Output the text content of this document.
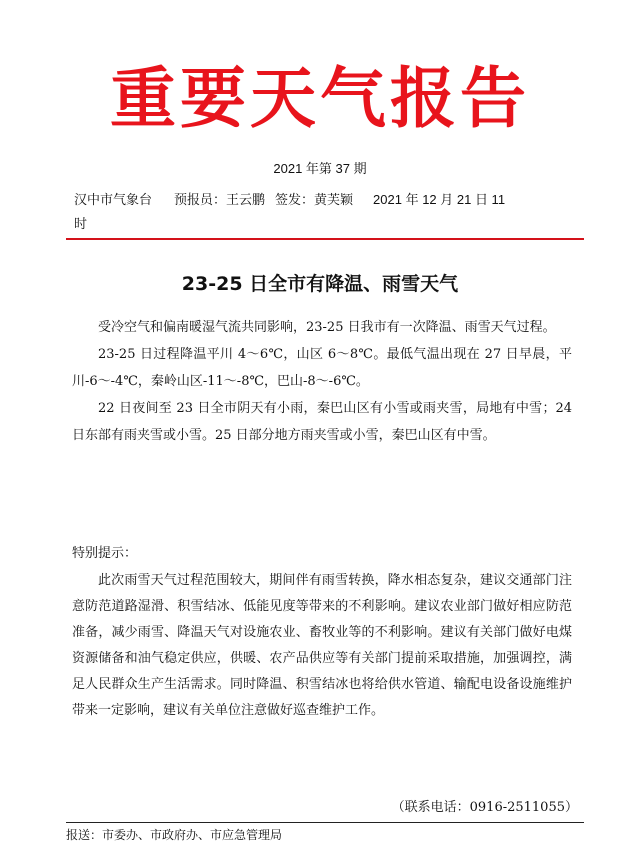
重要天气报告
2021 年第 37 期
汉中市气象台 预报员：王云鹏 签发：黄芙颖 2021 年 12 月 21 日 11
时
23-25 日全市有降温、雨雪天气

受冷空气和偏南暖湿气流共同影响，23-25 日我市有一次降温、雨雪天气过程。

23-25 日过程降温平川 4～6℃，山区 6～8℃。最低气温出现在 27 日早晨，平川-6～-4℃，秦岭山区-11～-8℃，巴山-8～-6℃。

22 日夜间至 23 日全市阴天有小雨，秦巴山区有小雪或雨夹雪，局地有中雪；24 日东部有雨夹雪或小雪。25 日部分地方雨夹雪或小雪，秦巴山区有中雪。

特别提示：

此次雨雪天气过程范围较大，期间伴有雨雪转换，降水相态复杂，建议交通部门注意防范道路湿滑、积雪结冰、低能见度等带来的不利影响。建议农业部门做好相应防范准备，减少雨雪、降温天气对设施农业、畜牧业等的不利影响。建议有关部门做好电煤资源储备和油气稳定供应，供暖、农产品供应等有关部门提前采取措施，加强调控，满足人民群众生产生活需求。同时降温、积雪结冰也将给供水管道、输配电设备设施维护带来一定影响，建议有关单位注意做好巡查维护工作。

（联系电话：0916-2511055）
报送：市委办、市政府办、市应急管理局
